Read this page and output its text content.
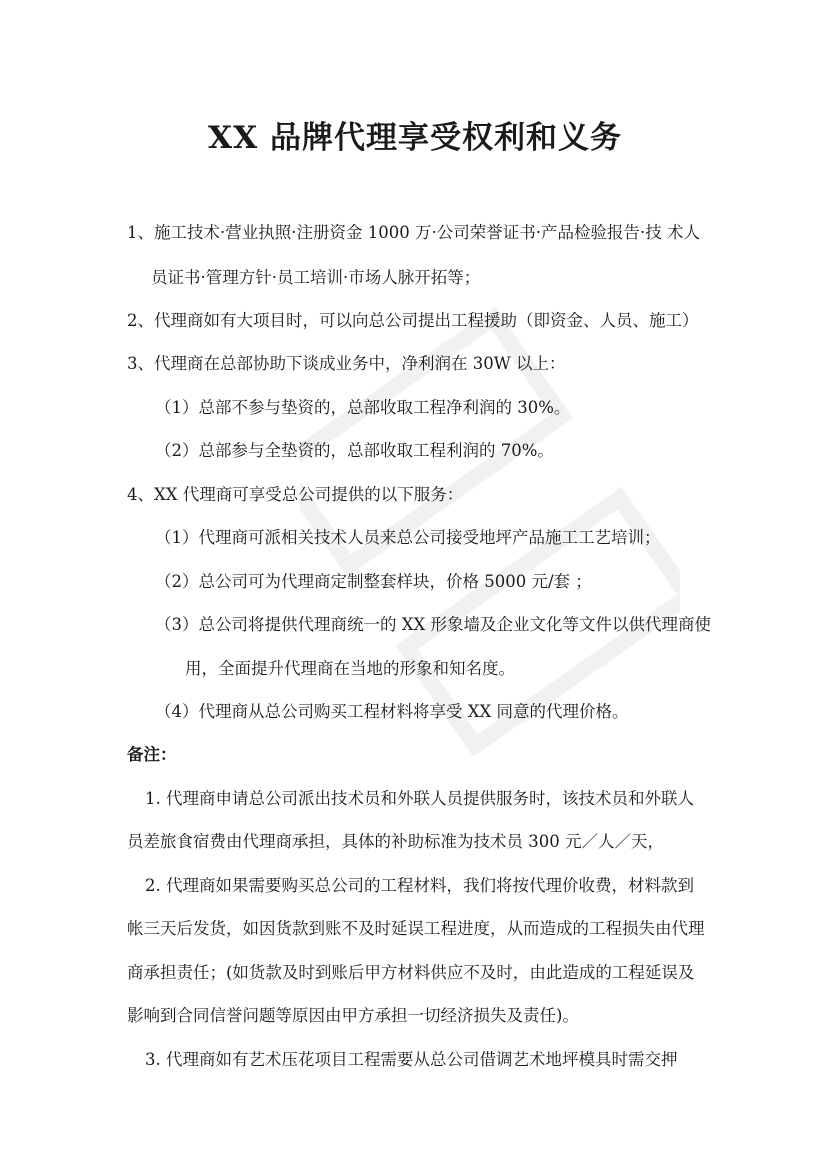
XX 品牌代理享受权利和义务
1、施工技术·营业执照·注册资金 1000 万·公司荣誉证书·产品检验报告·技 术人
员证书·管理方针·员工培训·市场人脉开拓等；
2、代理商如有大项目时，可以向总公司提出工程援助（即资金、人员、施工）
3、代理商在总部协助下谈成业务中，净利润在 30W 以上：
（1）总部不参与垫资的，总部收取工程净利润的 30%。
（2）总部参与全垫资的，总部收取工程利润的 70%。
4、XX 代理商可享受总公司提供的以下服务：
（1）代理商可派相关技术人员来总公司接受地坪产品施工工艺培训；
（2）总公司可为代理商定制整套样块，价格 5000 元/套 ；
（3）总公司将提供代理商统一的 XX 形象墙及企业文化等文件以供代理商使
用，全面提升代理商在当地的形象和知名度。
（4）代理商从总公司购买工程材料将享受 XX 同意的代理价格。
备注：
1. 代理商申请总公司派出技术员和外联人员提供服务时，该技术员和外联人
员差旅食宿费由代理商承担，具体的补助标准为技术员 300 元／人／天，
2. 代理商如果需要购买总公司的工程材料，我们将按代理价收费，材料款到
帐三天后发货，如因货款到账不及时延误工程进度，从而造成的工程损失由代理
商承担责任；(如货款及时到账后甲方材料供应不及时，由此造成的工程延误及
影响到合同信誉问题等原因由甲方承担一切经济损失及责任)。
3. 代理商如有艺术压花项目工程需要从总公司借调艺术地坪模具时需交押
